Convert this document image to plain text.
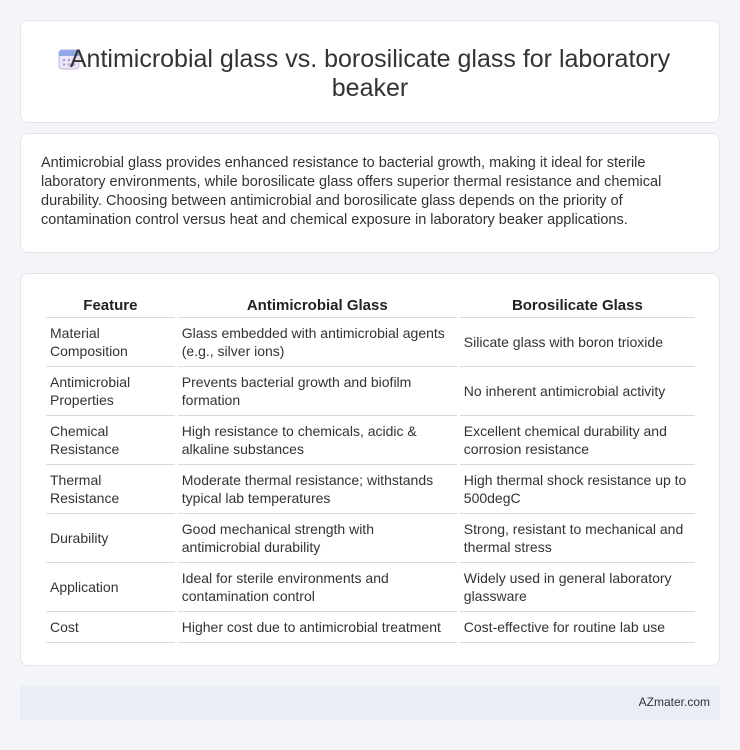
Antimicrobial glass vs. borosilicate glass for laboratory beaker

Antimicrobial glass provides enhanced resistance to bacterial growth, making it ideal for sterile laboratory environments, while borosilicate glass offers superior thermal resistance and chemical durability. Choosing between antimicrobial and borosilicate glass depends on the priority of contamination control versus heat and chemical exposure in laboratory beaker applications.

Feature	Antimicrobial Glass	Borosilicate Glass
Material Composition	Glass embedded with antimicrobial agents (e.g., silver ions)	Silicate glass with boron trioxide
Antimicrobial Properties	Prevents bacterial growth and biofilm formation	No inherent antimicrobial activity
Chemical Resistance	High resistance to chemicals, acidic & alkaline substances	Excellent chemical durability and corrosion resistance
Thermal Resistance	Moderate thermal resistance; withstands typical lab temperatures	High thermal shock resistance up to 500degC
Durability	Good mechanical strength with antimicrobial durability	Strong, resistant to mechanical and thermal stress
Application	Ideal for sterile environments and contamination control	Widely used in general laboratory glassware
Cost	Higher cost due to antimicrobial treatment	Cost-effective for routine lab use
AZmater.com
